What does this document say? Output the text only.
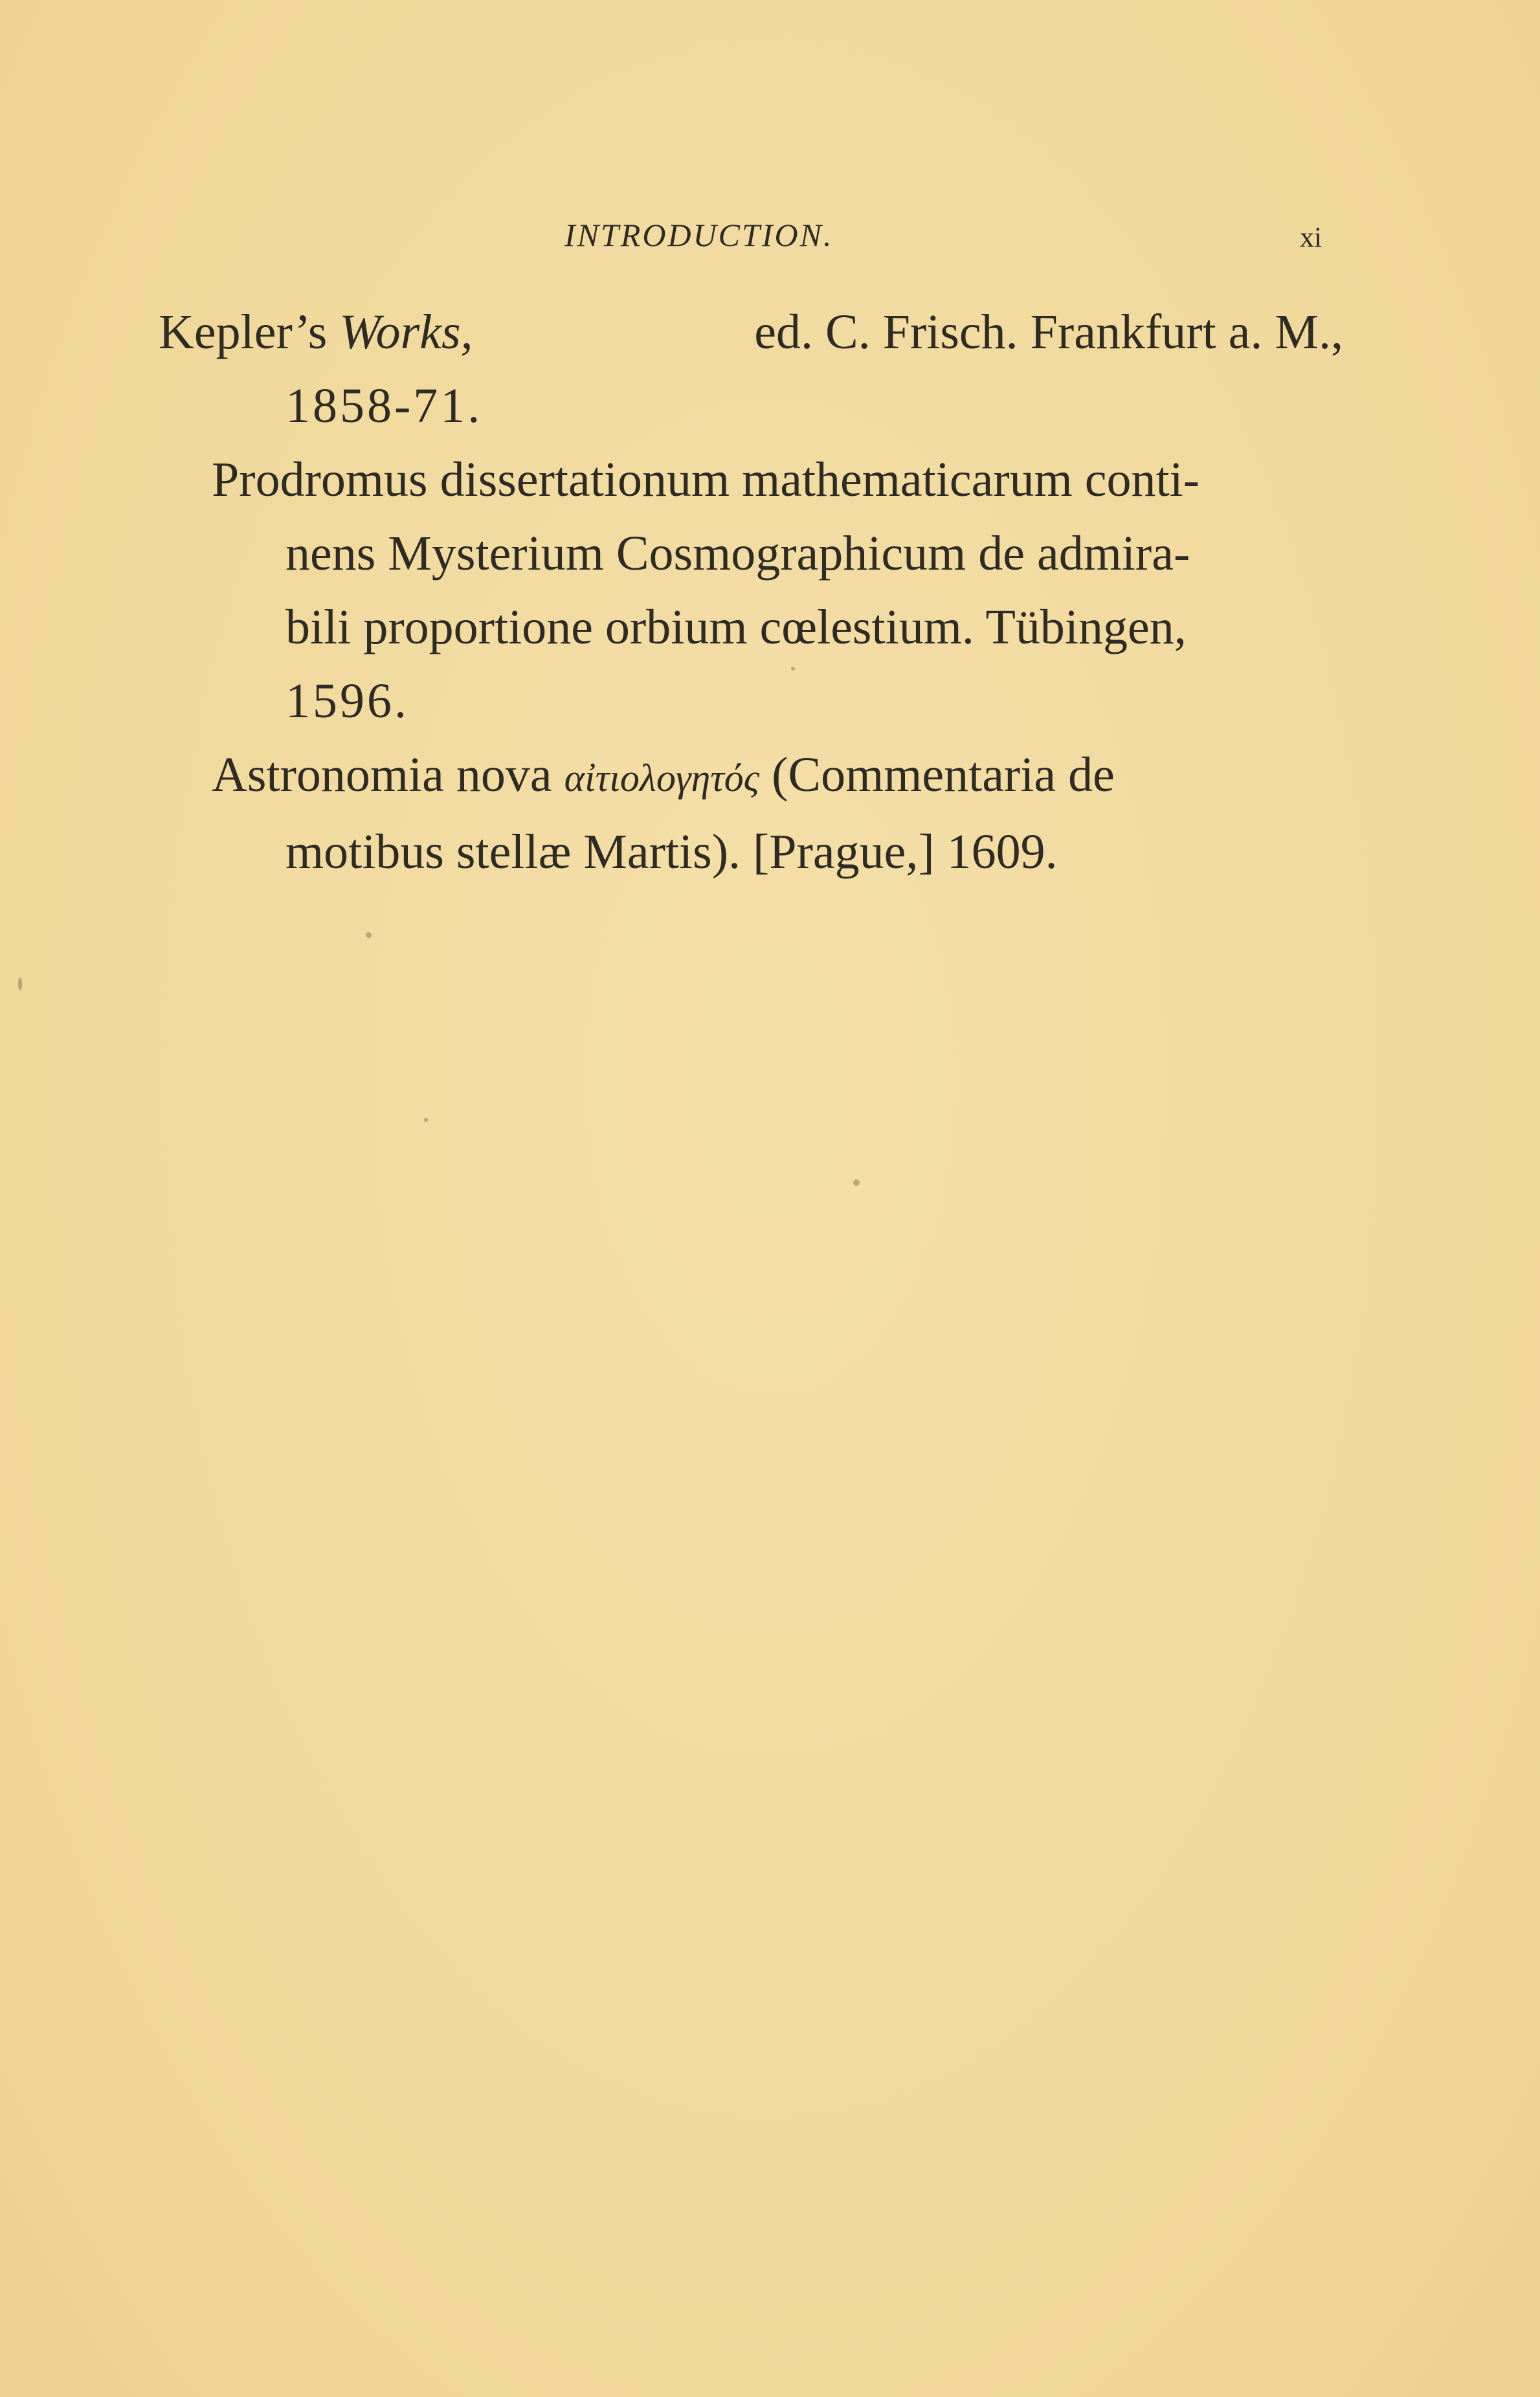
INTRODUCTION.	xi
Kepler’s Works,	ed. C. Frisch. Frankfurt a. M.,
1858-71.
Prodromus dissertationum mathematicarum conti-
nens Mysterium Cosmographicum de admira-
bili proportione orbium cœlestium. Tübingen,
1596.
Astronomia nova αἰτιολογητός (Commentaria de
motibus stellæ Martis). [Prague,] 1609.
